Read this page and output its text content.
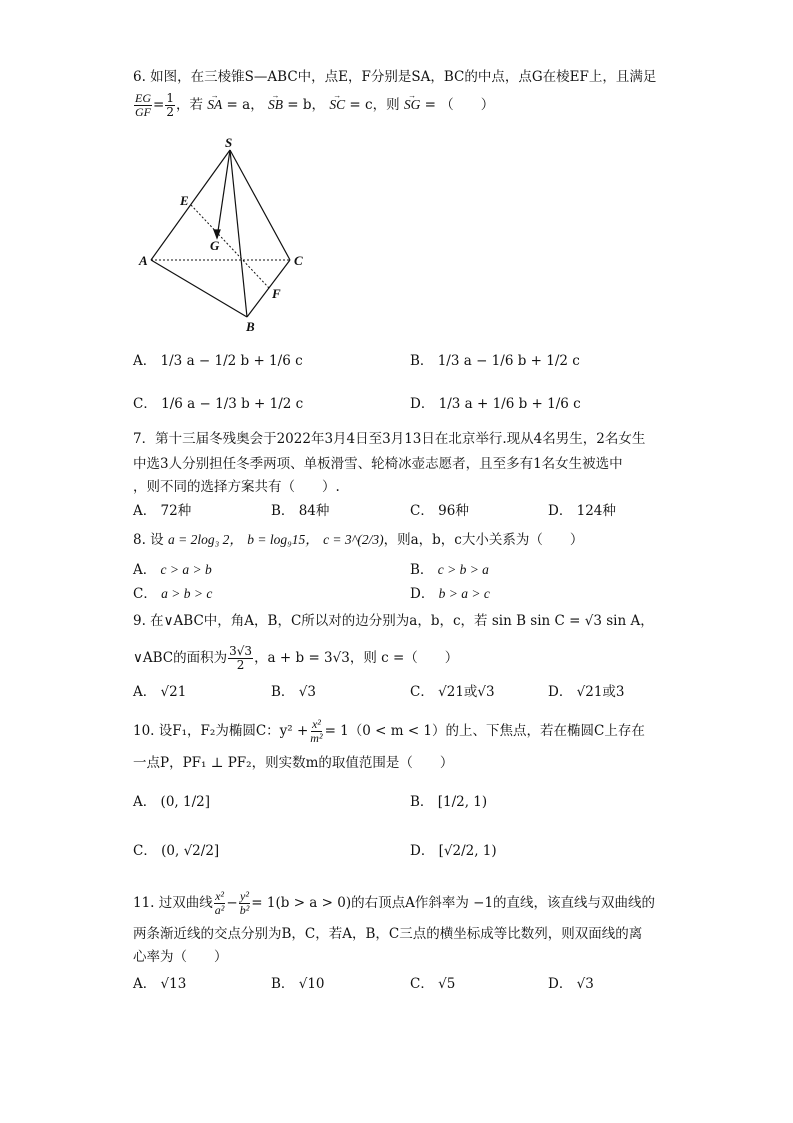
6. 如图，在三棱锥S—ABC中，点E，F分别是SA，BC的中点，点G在棱EF上，且满足
$\frac{EG}{GF} = \frac{1}{2}$ ，若 → SA = a， → SB = b， → SC = c，则 → SG = （　　）
S
E
G
A	C
F
B
A． 1/3 a − 1/2 b + 1/6 c	B． 1/3 a − 1/6 b + 1/2 c
C． 1/6 a − 1/3 b + 1/2 c	D． 1/3 a + 1/6 b + 1/6 c
7．第十三届冬残奥会于2022年3月4日至3月13日在北京举行.现从4名男生，2名女生
中选3人分别担任冬季两项、单板滑雪、轮椅冰壶志愿者，且至多有1名女生被选中
，则不同的选择方案共有（　　）.
A． 72种	B． 84种	C． 96种	D． 124种
8. 设 a = 2log₃ 2， b = log₉15， c = 3^(2/3)，则a，b，c大小关系为（　　）
A． c > a > b	B． c > b > a
C． a > b > c	D． b > a > c
9. 在∨ABC中，角A，B，C所以对的边分别为a，b，c，若 sin B sin C = √3 sin A，
∨ABC的面积为 $\frac{3√3}{2}$ ，a + b = 3√3，则 c =（　　）
A． √21	B． √3	C． √21或√3	D． √21或3
10. 设F₁，F₂为椭圆C：$y^2 + \frac{\text{x²}}{\text{m²}} = 1(0 < m < 1)$的上、下焦点，若在椭圆C上存在
一点P，PF₁ ⊥ PF₂，则实数m的取值范围是（　　）
A． (0, 1/2]	B． [1/2, 1)
C． (0, √2/2]	D． [√2/2, 1)
11. 过双曲线 $\frac{\text{x²}}{\text{a²}} - \frac{\text{y²}}{\text{b²}} = 1(b > a > 0)$的右顶点A作斜率为 −1的直线，该直线与双曲线的
两条渐近线的交点分别为B，C，若A，B，C三点的横坐标成等比数列，则双面线的离
心率为（　　）
A． √13	B． √10	C． √5	D． √3
